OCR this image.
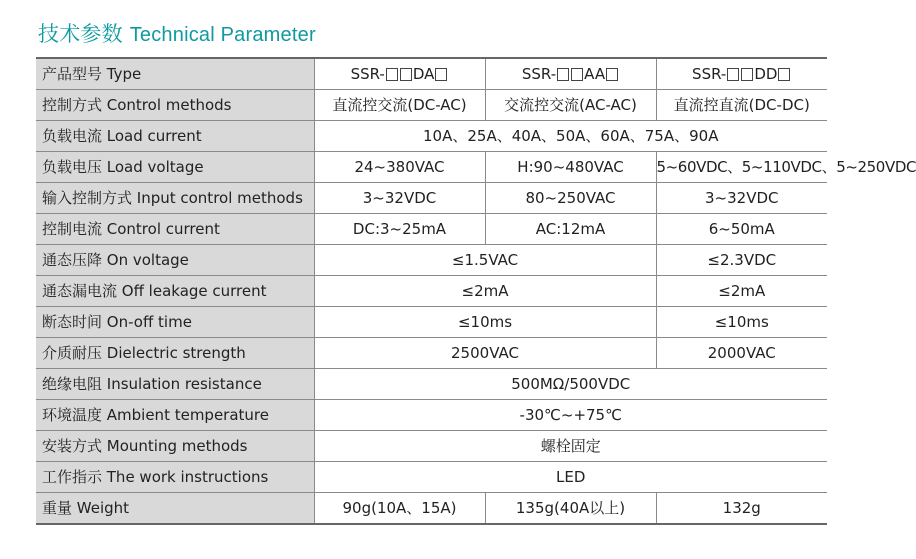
技术参数 Technical Parameter
产品型号 Type	SSR- DA	SSR- AA	SSR- DD
控制方式 Control methods	直流控交流(DC-AC)	交流控交流(AC-AC)	直流控直流(DC-DC)
负载电流 Load current	10A、25A、40A、50A、60A、75A、90A		
负载电压 Load voltage	24~380VAC	H:90~480VAC	5~60VDC、5~110VDC、5~250VDC
输入控制方式 Input control methods	3~32VDC	80~250VAC	3~32VDC
控制电流 Control current	DC:3~25mA	AC:12mA	6~50mA
通态压降 On voltage	≤1.5VAC		≤2.3VDC
通态漏电流 Off leakage current	≤2mA		≤2mA
断态时间 On-off time	≤10ms		≤10ms
介质耐压 Dielectric strength	2500VAC		2000VAC
绝缘电阻 Insulation resistance	500MΩ/500VDC		
环境温度 Ambient temperature	-30℃~+75℃		
安装方式 Mounting methods	螺栓固定		
工作指示 The work instructions	LED		
重量 Weight	90g(10A、15A)	135g(40A以上)	132g
